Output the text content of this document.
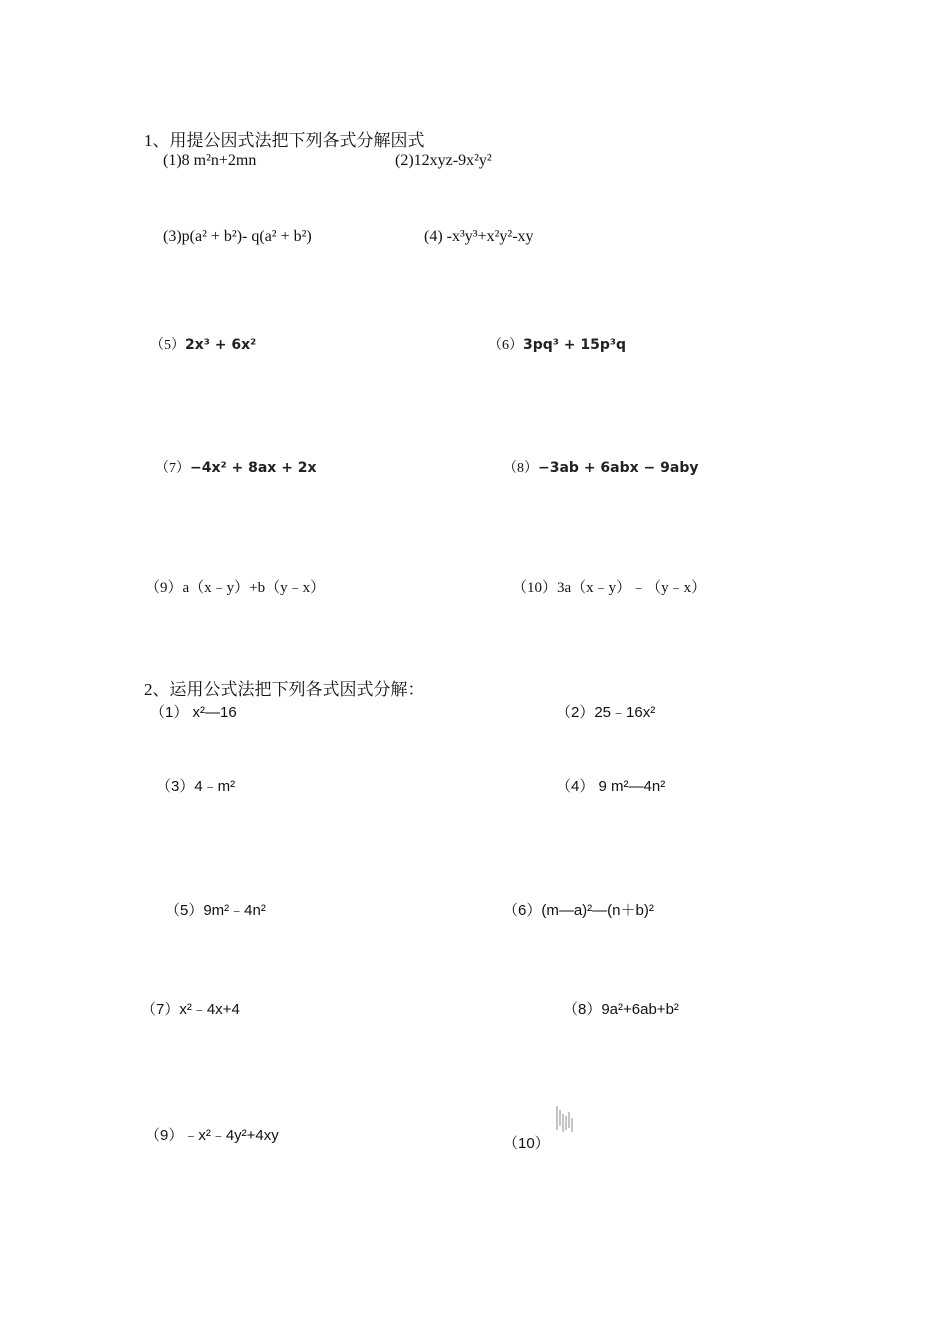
1、用提公因式法把下列各式分解因式
(1)8 m²n+2mn	(2)12xyz-9x²y²
(3)p(a² + b²)- q(a² + b²)	(4) -x³y³+x²y²-xy
（5）2x³ + 6x²	（6）3pq³ + 15p³q
（7）−4x² + 8ax + 2x	（8）−3ab + 6abx − 9aby
（9）a（x﹣y）+b（y﹣x）	（10）3a（x﹣y）﹣（y﹣x）
2、运用公式法把下列各式因式分解：
（1） x²—16	（2）25﹣16x²
（3）4﹣m²	（4） 9 m²—4n²
（5）9m²﹣4n²	（6）(m—a)²—(n＋b)²
（7）x²﹣4x+4	（8）9a²+6ab+b²
（9）﹣x²﹣4y²+4xy	（10）
